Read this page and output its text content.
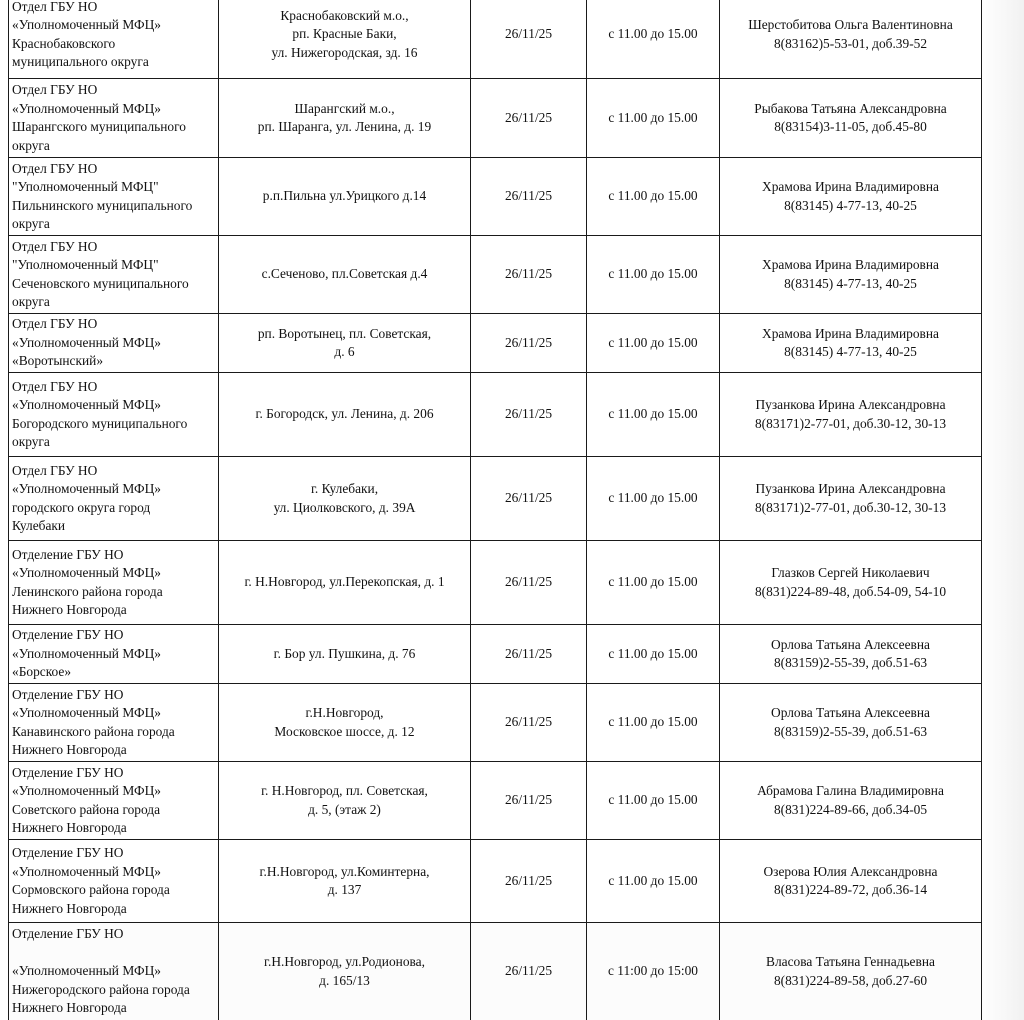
Отдел ГБУ НО
«Уполномоченный МФЦ»
Краснобаковского
муниципального округа	Краснобаковский м.о.,
рп. Красные Баки,
ул. Нижегородская, зд. 16	26/11/25	с 11.00 до 15.00	Шерстобитова Ольга Валентиновна
8(83162)5-53-01, доб.39-52

Отдел ГБУ НО
«Уполномоченный МФЦ»
Шарангского муниципального
округа	Шарангский м.о.,
рп. Шаранга, ул. Ленина, д. 19	26/11/25	с 11.00 до 15.00	Рыбакова Татьяна Александровна
8(83154)3-11-05, доб.45-80

Отдел ГБУ НО
"Уполномоченный МФЦ"
Пильнинского муниципального
округа	р.п.Пильна ул.Урицкого д.14	26/11/25	с 11.00 до 15.00	Храмова Ирина Владимировна
8(83145) 4-77-13, 40-25

Отдел ГБУ НО
"Уполномоченный МФЦ"
Сеченовского муниципального
округа	с.Сеченово, пл.Советская д.4	26/11/25	с 11.00 до 15.00	Храмова Ирина Владимировна
8(83145) 4-77-13, 40-25

Отдел ГБУ НО
«Уполномоченный МФЦ»
«Воротынский»	рп. Воротынец, пл. Советская,
д. 6	26/11/25	с 11.00 до 15.00	Храмова Ирина Владимировна
8(83145) 4-77-13, 40-25

Отдел ГБУ НО
«Уполномоченный МФЦ»
Богородского муниципального
округа	г. Богородск, ул. Ленина, д. 206	26/11/25	с 11.00 до 15.00	Пузанкова Ирина Александровна
8(83171)2-77-01, доб.30-12, 30-13

Отдел ГБУ НО
«Уполномоченный МФЦ»
городского округа город
Кулебаки	г. Кулебаки,
ул. Циолковского, д. 39А	26/11/25	с 11.00 до 15.00	Пузанкова Ирина Александровна
8(83171)2-77-01, доб.30-12, 30-13

Отделение ГБУ НО
«Уполномоченный МФЦ»
Ленинского района города
Нижнего Новгорода	г. Н.Новгород, ул.Перекопская, д. 1	26/11/25	с 11.00 до 15.00	Глазков Сергей Николаевич
8(831)224-89-48, доб.54-09, 54-10

Отделение ГБУ НО
«Уполномоченный МФЦ»
«Борское»	г. Бор ул. Пушкина, д. 76	26/11/25	с 11.00 до 15.00	Орлова Татьяна Алексеевна
8(83159)2-55-39, доб.51-63

Отделение ГБУ НО
«Уполномоченный МФЦ»
Канавинского района города
Нижнего Новгорода	г.Н.Новгород,
Московское шоссе, д. 12	26/11/25	с 11.00 до 15.00	Орлова Татьяна Алексеевна
8(83159)2-55-39, доб.51-63

Отделение ГБУ НО
«Уполномоченный МФЦ»
Советского района города
Нижнего Новгорода	г. Н.Новгород, пл. Советская,
д. 5, (этаж 2)	26/11/25	с 11.00 до 15.00	Абрамова Галина Владимировна
8(831)224-89-66, доб.34-05

Отделение ГБУ НО
«Уполномоченный МФЦ»
Сормовского района города
Нижнего Новгорода	г.Н.Новгород, ул.Коминтерна,
д. 137	26/11/25	с 11.00 до 15.00	Озерова Юлия Александровна
8(831)224-89-72, доб.36-14

Отделение ГБУ НО
«Уполномоченный МФЦ»
Нижегородского района города
Нижнего Новгорода	г.Н.Новгород, ул.Родионова,
д. 165/13	26/11/25	с 11:00 до 15:00	Власова Татьяна Геннадьевна
8(831)224-89-58, доб.27-60
